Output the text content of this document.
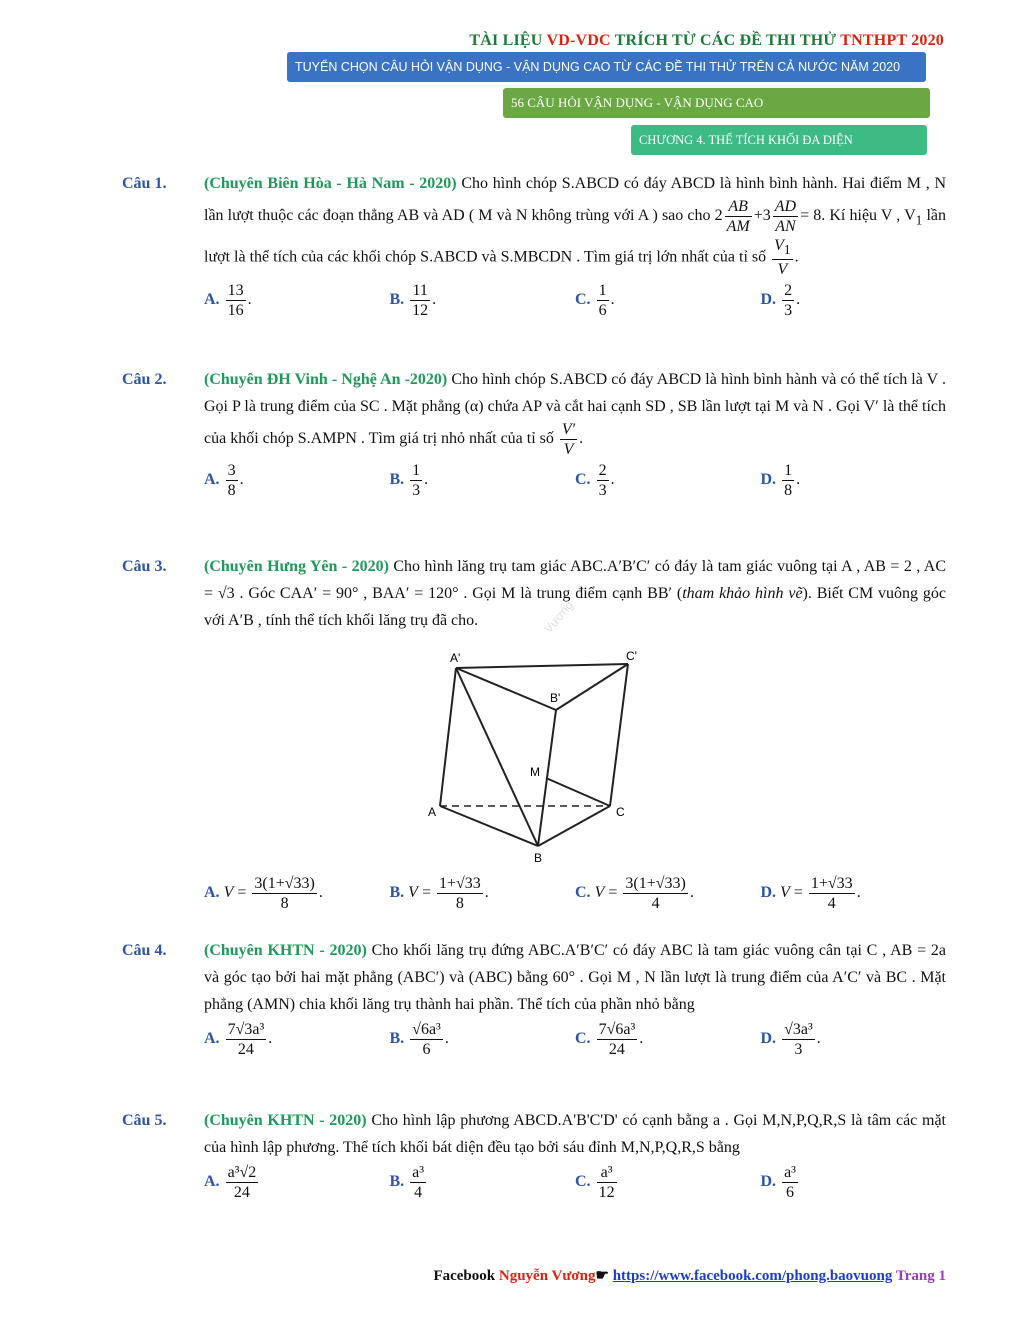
TÀI LIỆU VD-VDC TRÍCH TỪ CÁC ĐỀ THI THỬ TNTHPT 2020
TUYỂN CHỌN CÂU HỎI VẬN DỤNG - VẬN DỤNG CAO TỪ CÁC ĐỀ THI THỬ TRÊN CẢ NƯỚC NĂM 2020
56 CÂU HỎI VẬN DỤNG - VẬN DỤNG CAO
CHƯƠNG 4. THỂ TÍCH KHỐI ĐA DIỆN
Vương
Câu 1. (Chuyên Biên Hòa - Hà Nam - 2020) Cho hình chóp S.ABCD có đáy ABCD là hình bình hành. Hai điểm M , N lần lượt thuộc các đoạn thẳng AB và AD ( M và N không trùng với A ) sao cho $2 \frac{AB}{AM} +3 \frac{AD}{AN} = 8$. Kí hiệu V , $V_1$ lần lượt là thể tích của các khối chóp S.ABCD và S.MBCDN . Tìm giá trị lớn nhất của tỉ số $\frac{V_1}{V}$ .
A. $\frac{13}{16}$ .	B. $\frac{11}{12}$ .	C. $\frac{1}{6}$ .	D. $\frac{2}{3}$ .
Câu 2. (Chuyên ĐH Vinh - Nghệ An -2020) Cho hình chóp S.ABCD có đáy ABCD là hình bình hành và có thể tích là V . Gọi P là trung điểm của SC . Mặt phẳng (α) chứa AP và cắt hai cạnh SD , SB lần lượt tại M và N . Gọi V′ là thể tích của khối chóp S.AMPN . Tìm giá trị nhỏ nhất của tỉ số $\frac{V'}{V}$ .
A. $\frac{3}{8}$ .	B. $\frac{1}{3}$ .	C. $\frac{2}{3}$ .	D. $\frac{1}{8}$ .
Câu 3. (Chuyên Hưng Yên - 2020) Cho hình lăng trụ tam giác ABC.A′B′C′ có đáy là tam giác vuông tại A , AB = 2 , AC = √3 . Góc CAA′ = 90° , BAA′ = 120° . Gọi M là trung điểm cạnh BB′ (tham khảo hình vẽ). Biết CM vuông góc với A′B , tính thể tích khối lăng trụ đã cho.
A'	C'
B'
M
A	C
B
A. $V = \frac{3(1+√33)}{8}$ .	B. $V = \frac{1+√33}{8}$ .	C. $V = \frac{3(1+√33)}{4}$ .	D. $V = \frac{1+√33}{4}$ .
Câu 4. (Chuyên KHTN - 2020) Cho khối lăng trụ đứng ABC.A′B′C′ có đáy ABC là tam giác vuông cân tại C , AB = 2a và góc tạo bởi hai mặt phẳng (ABC′) và (ABC) bằng 60° . Gọi M , N lần lượt là trung điểm của A′C′ và BC . Mặt phẳng (AMN) chia khối lăng trụ thành hai phần. Thể tích của phần nhỏ bằng
A. $\frac{\text{7√3a³}}{24}$ .	B. $\frac{\text{√6a³}}{6}$ .	C. $\frac{\text{7√6a³}}{24}$ .	D. $\frac{\text{√3a³}}{3}$ .
Câu 5. (Chuyên KHTN - 2020) Cho hình lập phương ABCD.A'B'C'D' có cạnh bằng a . Gọi M,N,P,Q,R,S là tâm các mặt của hình lập phương. Thể tích khối bát diện đều tạo bởi sáu đỉnh M,N,P,Q,R,S bằng
A. $\frac{\text{a³√2}}{24}$	B. $\frac{\text{a³}}{4}$	C. $\frac{\text{a³}}{12}$	D. $\frac{\text{a³}}{6}$
Facebook Nguyễn Vương☛ https://www.facebook.com/phong.baovuong Trang 1
